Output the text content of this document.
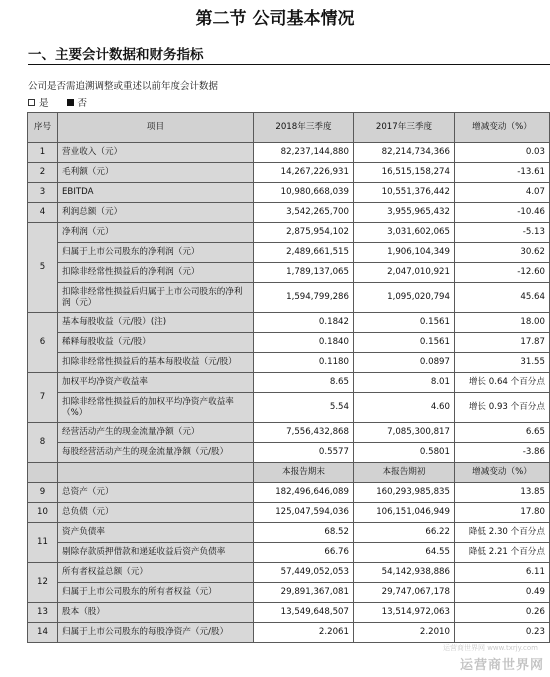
第二节 公司基本情况
一、主要会计数据和财务指标
公司是否需追溯调整或重述以前年度会计数据
是	否
序号	项目	2018年三季度	2017年三季度	增减变动（%）
1	营业收入（元）	82,237,144,880	82,214,734,366	0.03
2	毛利额（元）	14,267,226,931	16,515,158,274	-13.61
3	EBITDA	10,980,668,039	10,551,376,442	4.07
4	利润总额（元）	3,542,265,700	3,955,965,432	-10.46
5	净利润（元）	2,875,954,102	3,031,602,065	-5.13
	归属于上市公司股东的净利润（元）	2,489,661,515	1,906,104,349	30.62
	扣除非经常性损益后的净利润（元）	1,789,137,065	2,047,010,921	-12.60
	扣除非经常性损益后归属于上市公司股东的净利润（元）	1,594,799,286	1,095,020,794	45.64
6	基本每股收益（元/股）(注)	0.1842	0.1561	18.00
	稀释每股收益（元/股）	0.1840	0.1561	17.87
	扣除非经常性损益后的基本每股收益（元/股）	0.1180	0.0897	31.55
7	加权平均净资产收益率	8.65	8.01	增长 0.64 个百分点
	扣除非经常性损益后的加权平均净资产收益率（%）	5.54	4.60	增长 0.93 个百分点
8	经营活动产生的现金流量净额（元）	7,556,432,868	7,085,300,817	6.65
	每股经营活动产生的现金流量净额（元/股）	0.5577	0.5801	-3.86
		本报告期末	本报告期初	增减变动（%）
9	总资产（元）	182,496,646,089	160,293,985,835	13.85
10	总负债（元）	125,047,594,036	106,151,046,949	17.80
11	资产负债率	68.52	66.22	降低 2.30 个百分点
	剔除存款质押借款和递延收益后资产负债率	66.76	64.55	降低 2.21 个百分点
12	所有者权益总额（元）	57,449,052,053	54,142,938,886	6.11
	归属于上市公司股东的所有者权益（元）	29,891,367,081	29,747,067,178	0.49
13	股本（股）	13,549,648,507	13,514,972,063	0.26
14	归属于上市公司股东的每股净资产（元/股）	2.2061	2.2010	0.23
运营商世界网 www.txrjy.com
运营商世界网
